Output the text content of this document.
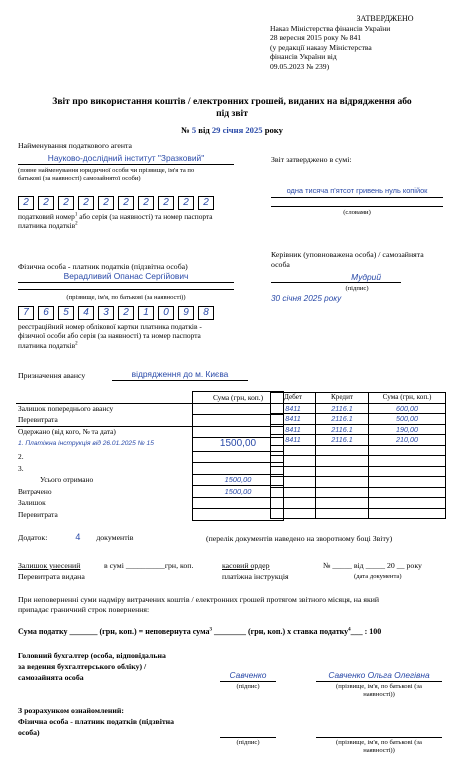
ЗАТВЕРДЖЕНО
Наказ Міністерства фінансів України
28 вересня 2015 року № 841
(у редакції наказу Міністерства
фінансів України від
09.05.2023 № 239)
Звіт про використання коштів / електронних грошей, виданих на відрядження або
під звіт
№ 5 від 29 січня 2025 року
Найменування податкового агента
Науково-дослідний інститут "Зразковий"
(повне найменування юридичної особи чи прізвище, ім'я та по
батькові (за наявності) самозайнятої особи)
2	2	2	2	2	2	2	2	2	2
податковий номер$^1$ або серія (за наявності) та номер паспорта
платника податків$^2$
Звіт затверджено в сумі:
одна тисяча п'ятсот гривень нуль копійок
(словами)
Фізична особа - платник податків (підзвітна особа)
Верадливий Опанас Сергійович
(прізвище, ім'я, по батькові (за наявності))
7	6	5	4	3	2	1	0	9	8
реєстраційний номер облікової картки платника податків -
фізичної особи або серія (за наявності) та номер паспорта
платника податків$^2$
Керівник (уповноважена особа) / самозайнята
особа
Мудрий
(підпис)
30 січня 2025 року
Призначення авансу	відрядження до м. Києва
	Сума (грн, коп.)
Залишок попереднього авансу	
Перевитрата	
Одержано (від кого, № та дата)	
1. Платіжна інструкція від 26.01.2025 № 15	1500,00
2.	
3.	
Усього отримано	1500,00
Витрачено	1500,00
Залишок	
Перевитрата	
Дебет	Кредит	Сума (грн, коп.)
8411	2116.1	600,00
8411	2116.1	500,00
8411	2116.1	190,00
8411	2116.1	210,00

Додаток:	4 документів	(перелік документів наведено на зворотному боці Звіту)
Залишок унесений
Перевитрата видана
в сумі __________грн, коп.	касовий ордер
платіжна інструкція
№ _____ від _____ 20 __ року
(дата документа)
При неповерненні суми надміру витрачених коштів / електронних грошей протягом звітного місяця, на який
припадає граничний строк повернення:
Сума податку _______ (грн, коп.) = неповернута сума$^3$ ________ (грн, коп.) х ставка податку$^4$___ : 100
Головний бухгалтер (особа, відповідальна
за ведення бухгалтерського обліку) /
самозайнята особа	Савченко
(підпис)
Савченко Ольга Олегівна
(прізвище, ім'я, по батькові (за
наявності))
З розрахунком ознайомлений:
Фізична особа - платник податків (підзвітна
особа)
(підпис)	(прізвище, ім'я, по батькові (за
наявності))
